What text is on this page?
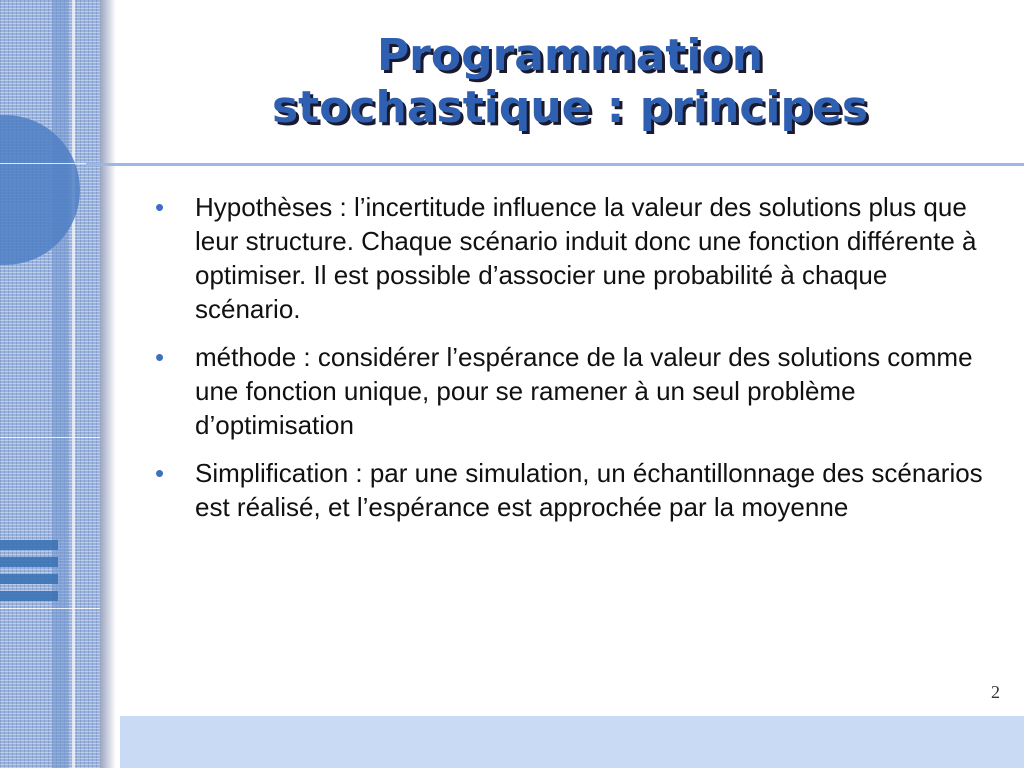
Programmation
stochastique : principes
• Hypothèses : l’incertitude influence la valeur des solutions plus que leur structure. Chaque scénario induit donc une fonction différente à optimiser. Il est possible d’associer une probabilité à chaque scénario.
• méthode : considérer l’espérance de la valeur des solutions comme une fonction unique, pour se ramener à un seul problème d’optimisation
• Simplification : par une simulation, un échantillonnage des scénarios est réalisé, et l’espérance est approchée par la moyenne
2
